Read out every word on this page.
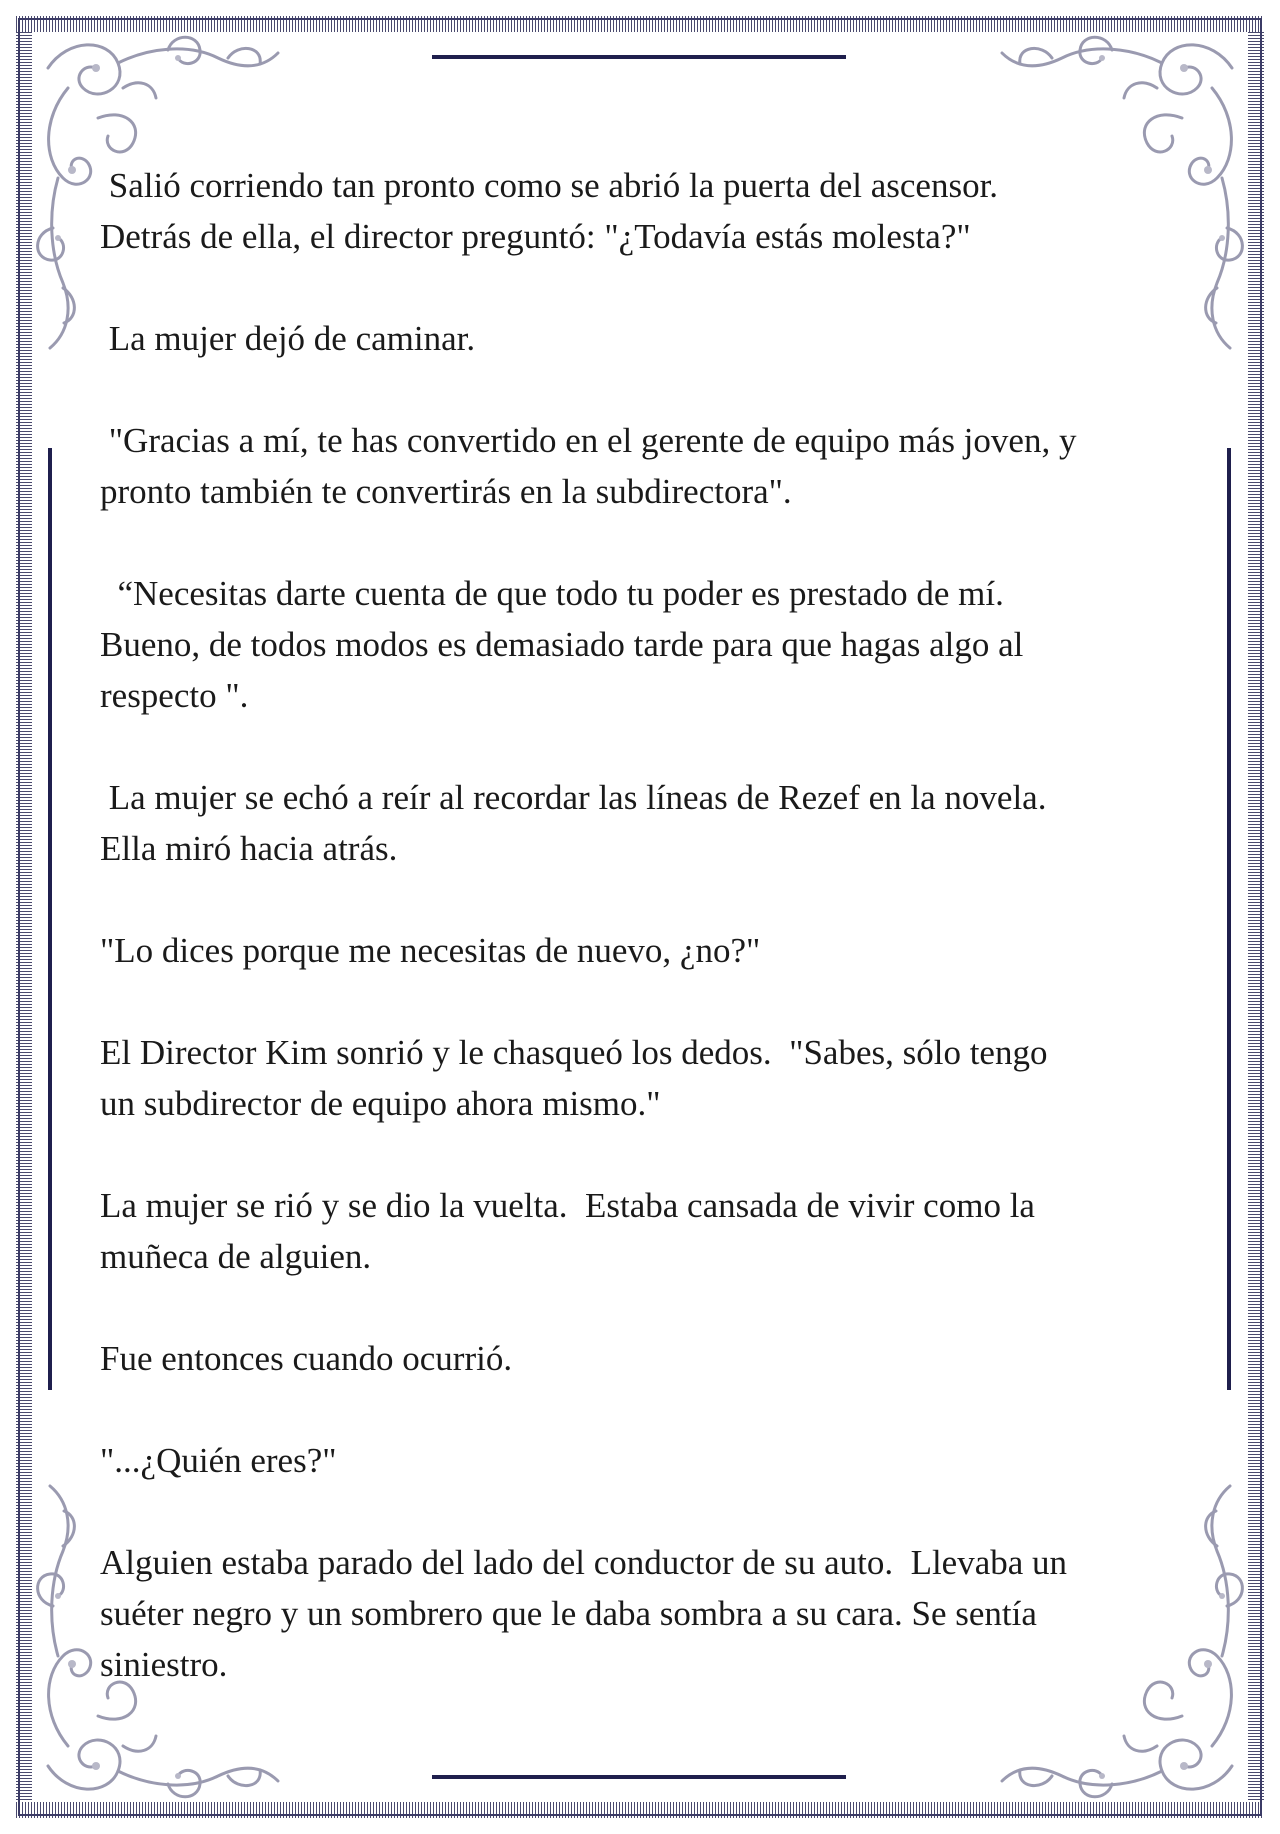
Salió corriendo tan pronto como se abrió la puerta del ascensor.
Detrás de ella, el director preguntó: "¿Todavía estás molesta?"

La mujer dejó de caminar.

"Gracias a mí, te has convertido en el gerente de equipo más joven, y
pronto también te convertirás en la subdirectora".

“Necesitas darte cuenta de que todo tu poder es prestado de mí.
Bueno, de todos modos es demasiado tarde para que hagas algo al
respecto ".

La mujer se echó a reír al recordar las líneas de Rezef en la novela.
Ella miró hacia atrás.

"Lo dices porque me necesitas de nuevo, ¿no?"

El Director Kim sonrió y le chasqueó los dedos.  "Sabes, sólo tengo
un subdirector de equipo ahora mismo."

La mujer se rió y se dio la vuelta.  Estaba cansada de vivir como la
muñeca de alguien.

Fue entonces cuando ocurrió.

"...¿Quién eres?"

Alguien estaba parado del lado del conductor de su auto.  Llevaba un
suéter negro y un sombrero que le daba sombra a su cara. Se sentía
siniestro.
